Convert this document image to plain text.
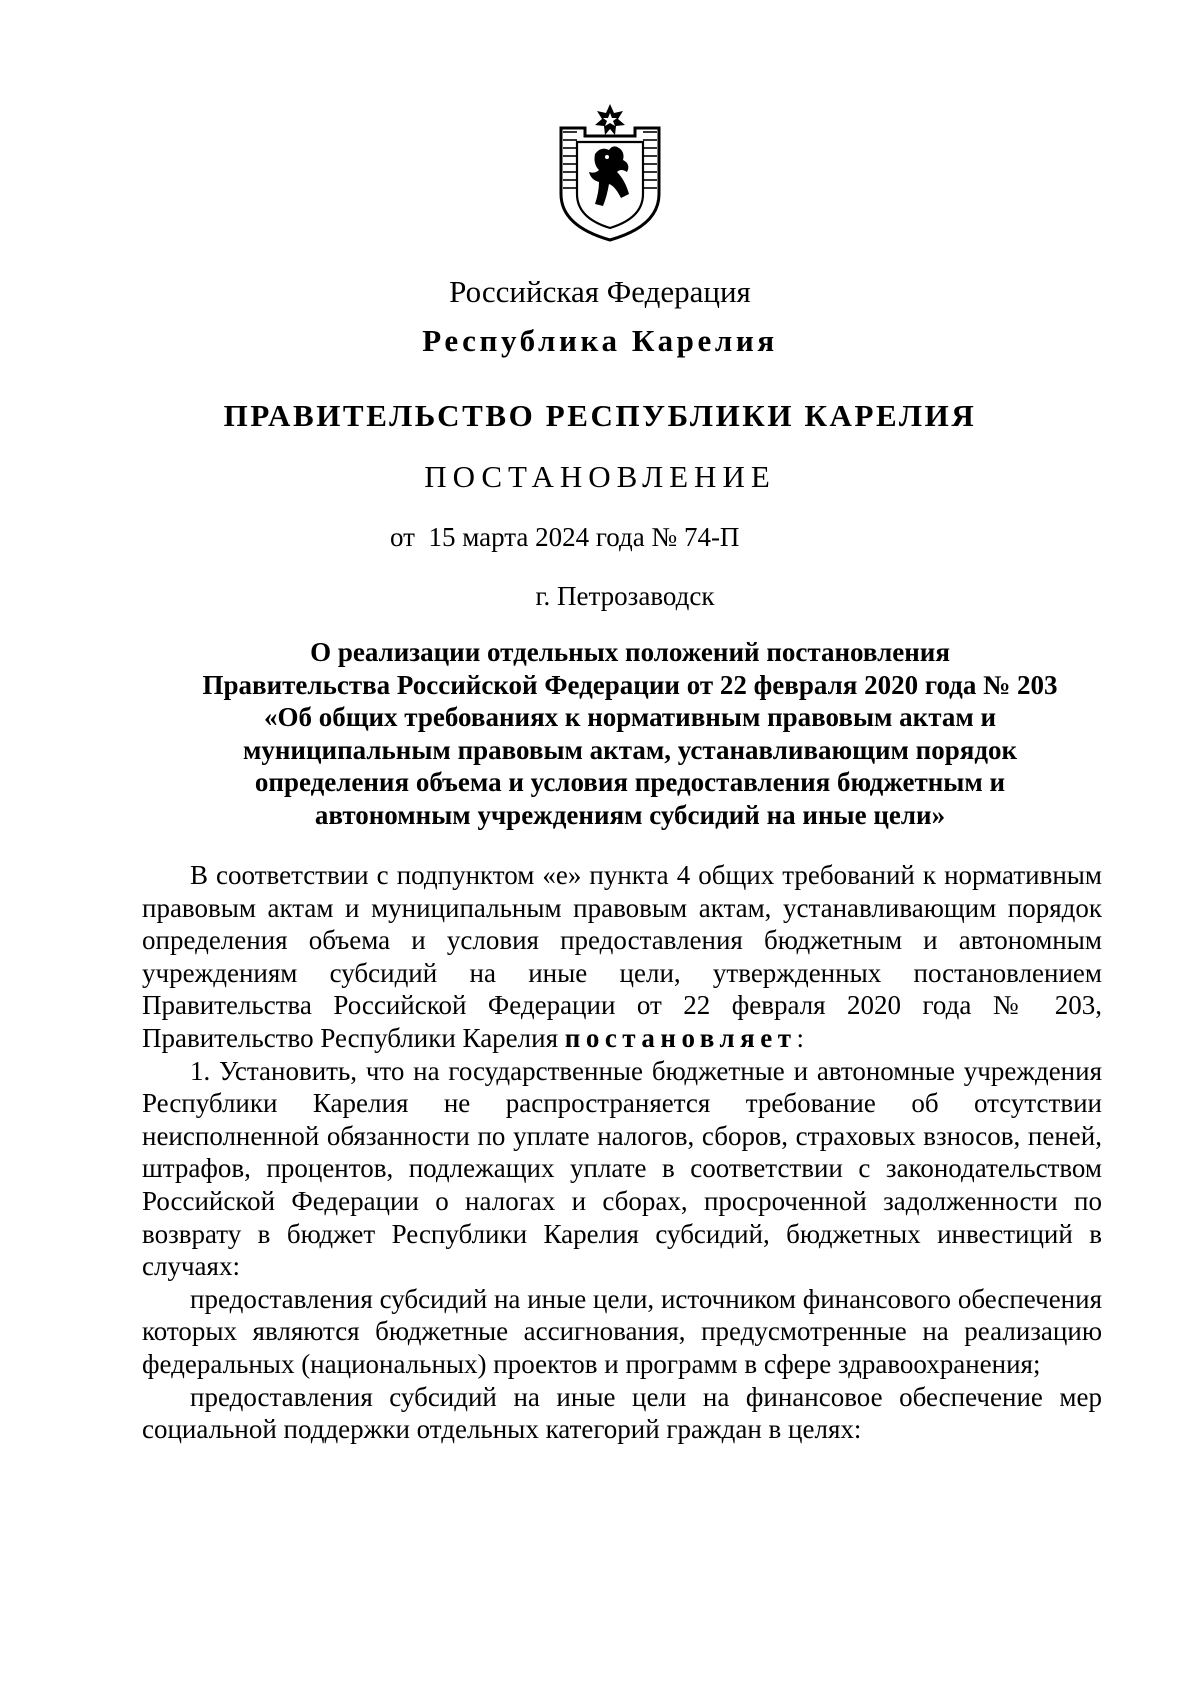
Российская Федерация
Республика Карелия
ПРАВИТЕЛЬСТВО РЕСПУБЛИКИ КАРЕЛИЯ
ПОСТАНОВЛЕНИЕ
от  15 марта 2024 года № 74-П
г. Петрозаводск
О реализации отдельных положений постановления
Правительства Российской Федерации от 22 февраля 2020 года № 203
«Об общих требованиях к нормативным правовым актам и
муниципальным правовым актам, устанавливающим порядок
определения объема и условия предоставления бюджетным и
автономным учреждениям субсидий на иные цели»

В соответствии с подпунктом «е» пункта 4 общих требований к нормативным правовым актам и муниципальным правовым актам, устанавливающим порядок определения объема и условия предоставления бюджетным и автономным учреждениям субсидий на иные цели, утвержденных постановлением Правительства Российской Федерации от 22 февраля 2020 года № 203, Правительство Республики Карелия постановляет:

1. Установить, что на государственные бюджетные и автономные учреждения Республики Карелия не распространяется требование об отсутствии неисполненной обязанности по уплате налогов, сборов, страховых взносов, пеней, штрафов, процентов, подлежащих уплате в соответствии с законодательством Российской Федерации о налогах и сборах, просроченной задолженности по возврату в бюджет Республики Карелия субсидий, бюджетных инвестиций в случаях:

предоставления субсидий на иные цели, источником финансового обеспечения которых являются бюджетные ассигнования, предусмотренные на реализацию федеральных (национальных) проектов и программ в сфере здравоохранения;

предоставления субсидий на иные цели на финансовое обеспечение мер социальной поддержки отдельных категорий граждан в целях:
